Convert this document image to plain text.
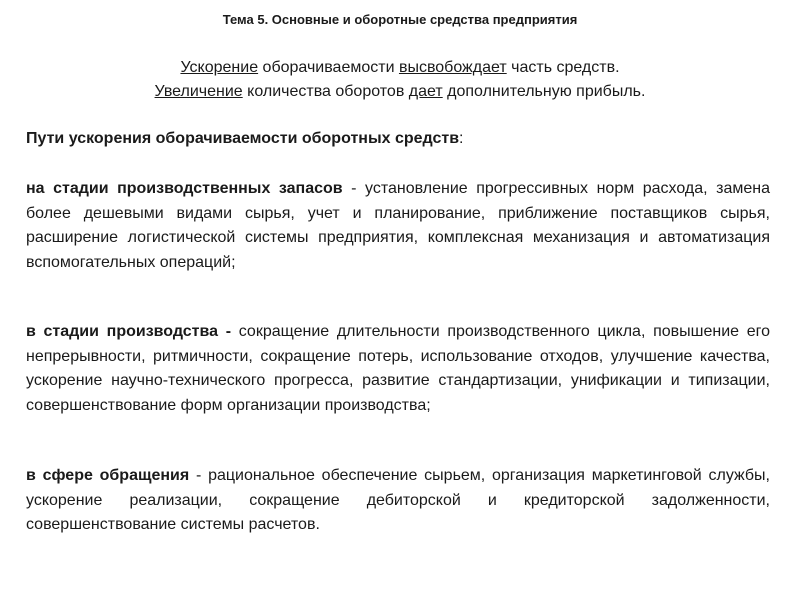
Тема 5. Основные и оборотные средства предприятия
Ускорение оборачиваемости высвобождает часть средств.
Увеличение количества оборотов дает дополнительную прибыль.
Пути ускорения оборачиваемости оборотных средств:
на стадии производственных запасов - установление прогрессивных норм расхода, замена более дешевыми видами сырья, учет и планирование, приближение поставщиков сырья, расширение логистической системы предприятия, комплексная механизация и автоматизация вспомогательных операций;
в стадии производства - сокращение длительности производственного цикла, повышение его непрерывности, ритмичности, сокращение потерь, использование отходов, улучшение качества, ускорение научно-технического прогресса, развитие стандартизации, унификации и типизации, совершенствование форм организации производства;
в сфере обращения - рациональное обеспечение сырьем, организация маркетинговой службы, ускорение реализации, сокращение дебиторской и кредиторской задолженности, совершенствование системы расчетов.
